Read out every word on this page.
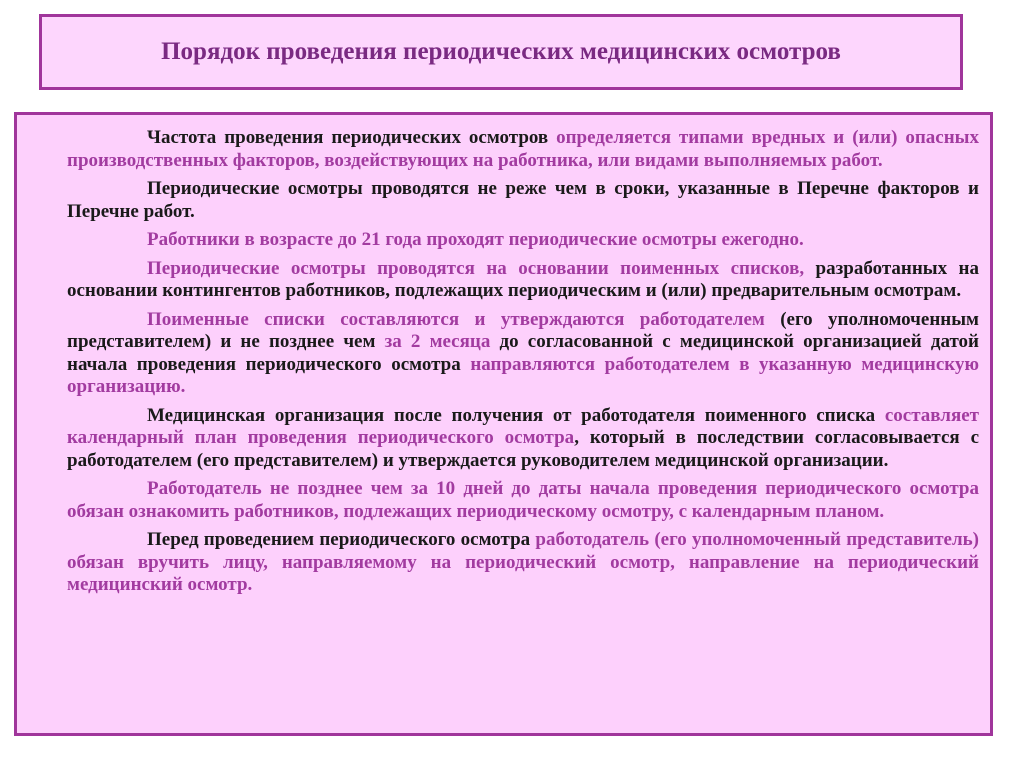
Порядок проведения периодических медицинских осмотров

Частота проведения периодических осмотров определяется типами вредных и (или) опасных производственных факторов, воздействующих на работника, или видами выполняемых работ.

Периодические осмотры проводятся не реже чем в сроки, указанные в Перечне факторов и Перечне работ.

Работники в возрасте до 21 года проходят периодические осмотры ежегодно.

Периодические осмотры проводятся на основании поименных списков, разработанных на основании контингентов работников, подлежащих периодическим и (или) предварительным осмотрам.

Поименные списки составляются и утверждаются работодателем (его уполномоченным представителем) и не позднее чем за 2 месяца до согласованной с медицинской организацией датой начала проведения периодического осмотра направляются работодателем в указанную медицинскую организацию.

Медицинская организация после получения от работодателя поименного списка составляет календарный план проведения периодического осмотра, который в последствии согласовывается с работодателем (его представителем) и утверждается руководителем медицинской организации.

Работодатель не позднее чем за 10 дней до даты начала проведения периодического осмотра обязан ознакомить работников, подлежащих периодическому осмотру, с календарным планом.

Перед проведением периодического осмотра работодатель (его уполномоченный представитель) обязан вручить лицу, направляемому на периодический осмотр, направление на периодический медицинский осмотр.
